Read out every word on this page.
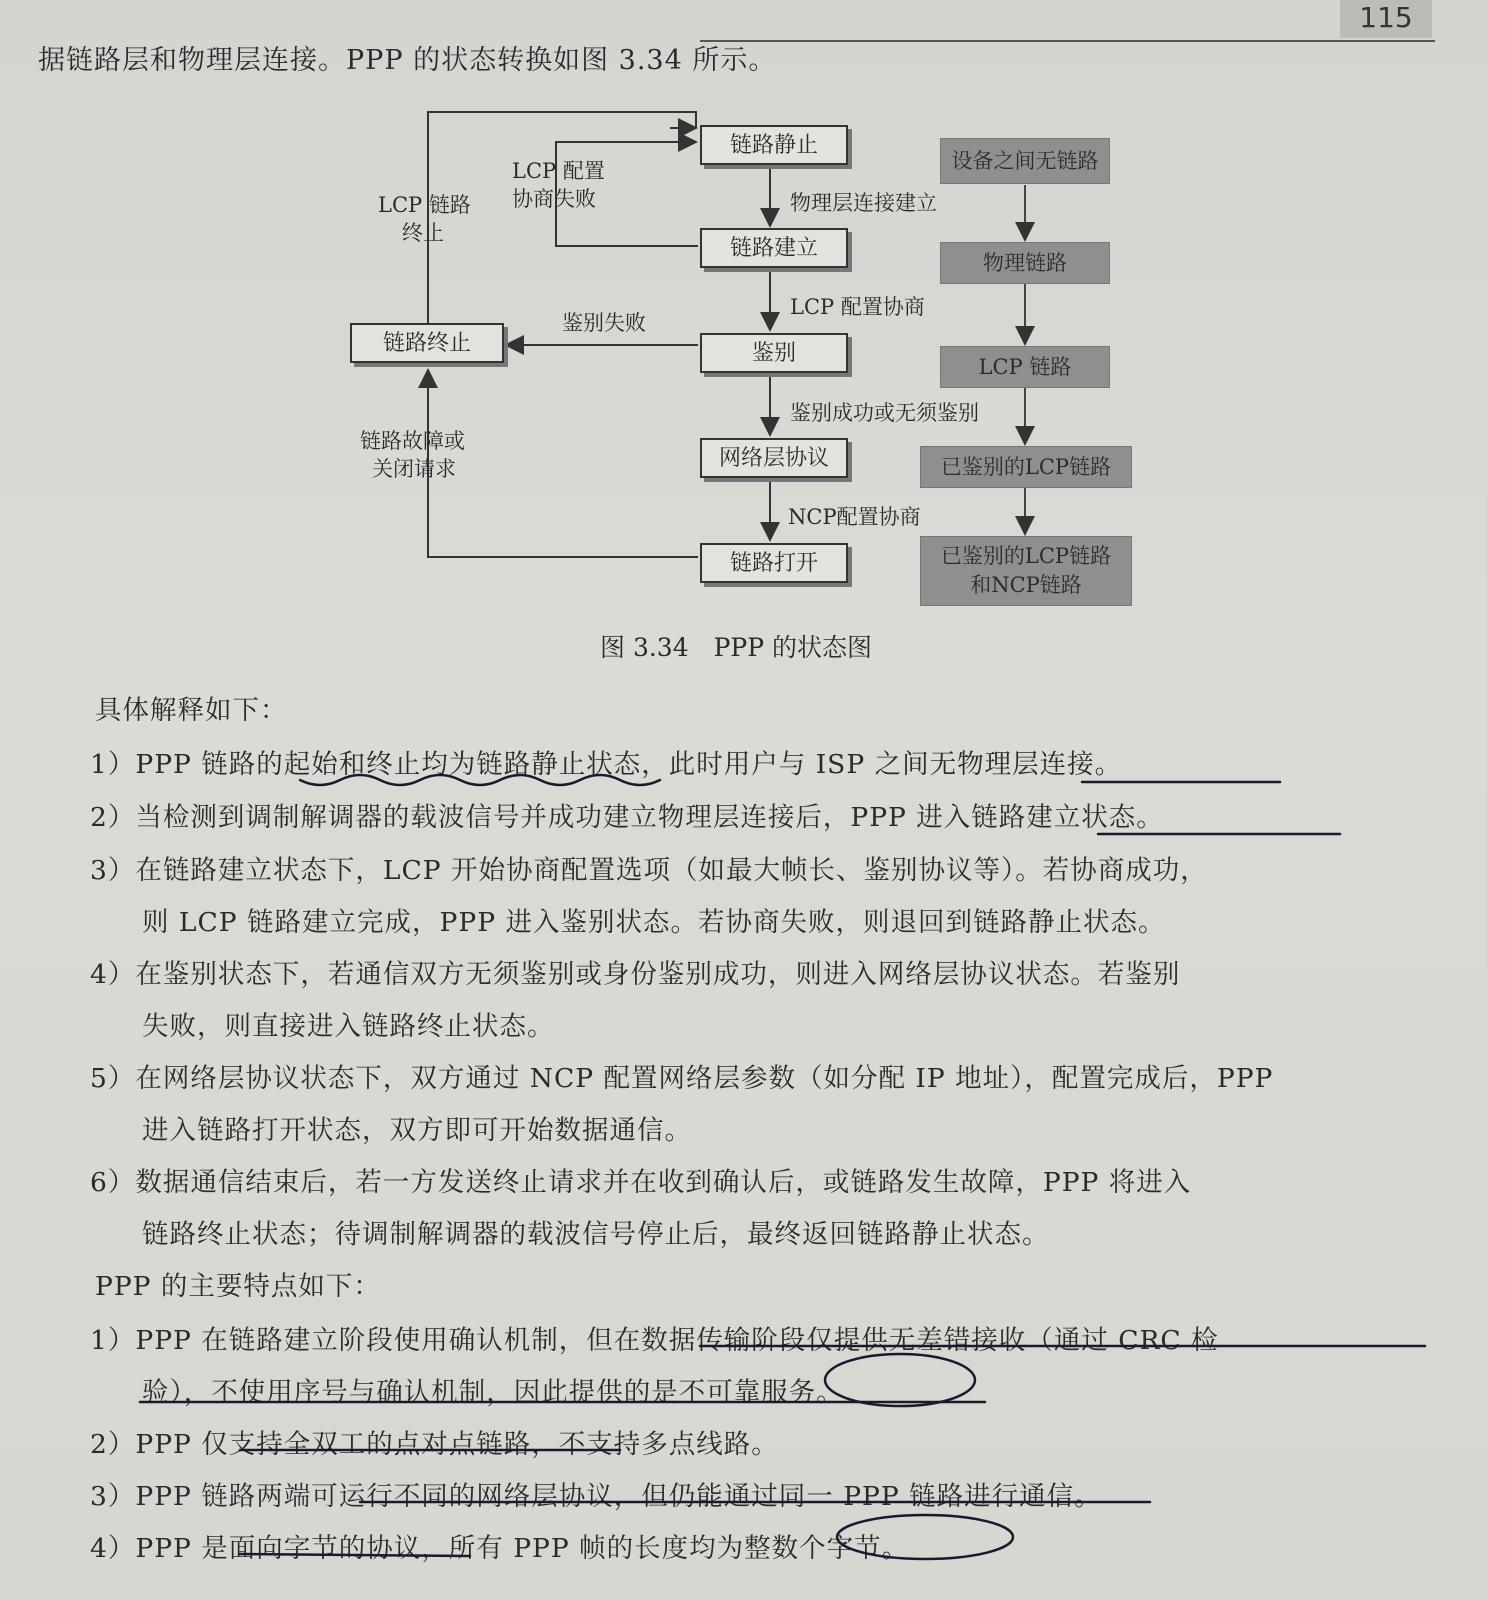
115
据链路层和物理层连接。PPP 的状态转换如图 3.34 所示。
链路静止
链路建立
鉴别
网络层协议
链路打开
链路终止
物理层连接建立
LCP 配置协商
鉴别成功或无须鉴别
NCP配置协商
鉴别失败
LCP 配置
协商失败
LCP 链路
终止
链路故障或
关闭请求
设备之间无链路
物理链路
LCP 链路
已鉴别的LCP链路
已鉴别的LCP链路
和NCP链路
图 3.34　PPP 的状态图
具体解释如下：
1）PPP 链路的起始和终止均为链路静止状态，此时用户与 ISP 之间无物理层连接。
2）当检测到调制解调器的载波信号并成功建立物理层连接后，PPP 进入链路建立状态。
3）在链路建立状态下，LCP 开始协商配置选项（如最大帧长、鉴别协议等）。若协商成功，
则 LCP 链路建立完成，PPP 进入鉴别状态。若协商失败，则退回到链路静止状态。
4）在鉴别状态下，若通信双方无须鉴别或身份鉴别成功，则进入网络层协议状态。若鉴别
失败，则直接进入链路终止状态。
5）在网络层协议状态下，双方通过 NCP 配置网络层参数（如分配 IP 地址），配置完成后，PPP
进入链路打开状态，双方即可开始数据通信。
6）数据通信结束后，若一方发送终止请求并在收到确认后，或链路发生故障，PPP 将进入
链路终止状态；待调制解调器的载波信号停止后，最终返回链路静止状态。
PPP 的主要特点如下：
1）PPP 在链路建立阶段使用确认机制，但在数据传输阶段仅提供无差错接收（通过 CRC 检
验），不使用序号与确认机制，因此提供的是不可靠服务。
2）PPP 仅支持全双工的点对点链路，不支持多点线路。
3）PPP 链路两端可运行不同的网络层协议，但仍能通过同一 PPP 链路进行通信。
4）PPP 是面向字节的协议，所有 PPP 帧的长度均为整数个字节。
